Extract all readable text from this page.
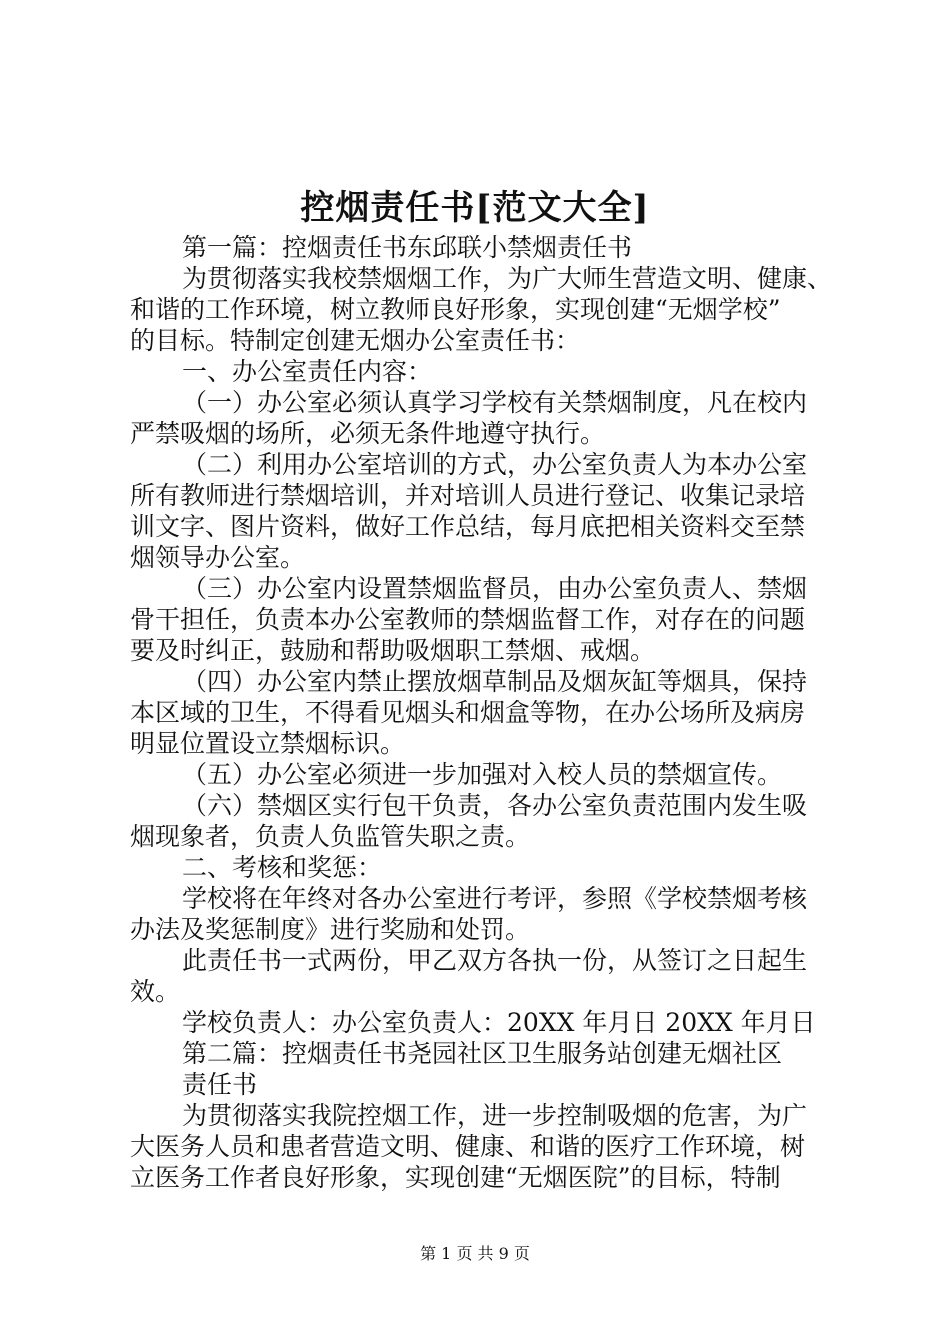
控烟责任书[范文大全]
第一篇：控烟责任书东邱联小禁烟责任书
为贯彻落实我校禁烟烟工作，为广大师生营造文明、健康、
和谐的工作环境，树立教师良好形象，实现创建“无烟学校”
的目标。特制定创建无烟办公室责任书：
一、办公室责任内容：
（一）办公室必须认真学习学校有关禁烟制度，凡在校内
严禁吸烟的场所，必须无条件地遵守执行。
（二）利用办公室培训的方式，办公室负责人为本办公室
所有教师进行禁烟培训，并对培训人员进行登记、收集记录培
训文字、图片资料，做好工作总结，每月底把相关资料交至禁
烟领导办公室。
（三）办公室内设置禁烟监督员，由办公室负责人、禁烟
骨干担任，负责本办公室教师的禁烟监督工作，对存在的问题
要及时纠正，鼓励和帮助吸烟职工禁烟、戒烟。
（四）办公室内禁止摆放烟草制品及烟灰缸等烟具，保持
本区域的卫生，不得看见烟头和烟盒等物，在办公场所及病房
明显位置设立禁烟标识。
（五）办公室必须进一步加强对入校人员的禁烟宣传。
（六）禁烟区实行包干负责，各办公室负责范围内发生吸
烟现象者，负责人负监管失职之责。
二、考核和奖惩：
学校将在年终对各办公室进行考评，参照《学校禁烟考核
办法及奖惩制度》进行奖励和处罚。
此责任书一式两份，甲乙双方各执一份，从签订之日起生
效。
学校负责人：办公室负责人：20XX 年月日 20XX 年月日
第二篇：控烟责任书尧园社区卫生服务站创建无烟社区
责任书
为贯彻落实我院控烟工作，进一步控制吸烟的危害，为广
大医务人员和患者营造文明、健康、和谐的医疗工作环境，树
立医务工作者良好形象，实现创建“无烟医院”的目标，特制
第 1 页 共 9 页
